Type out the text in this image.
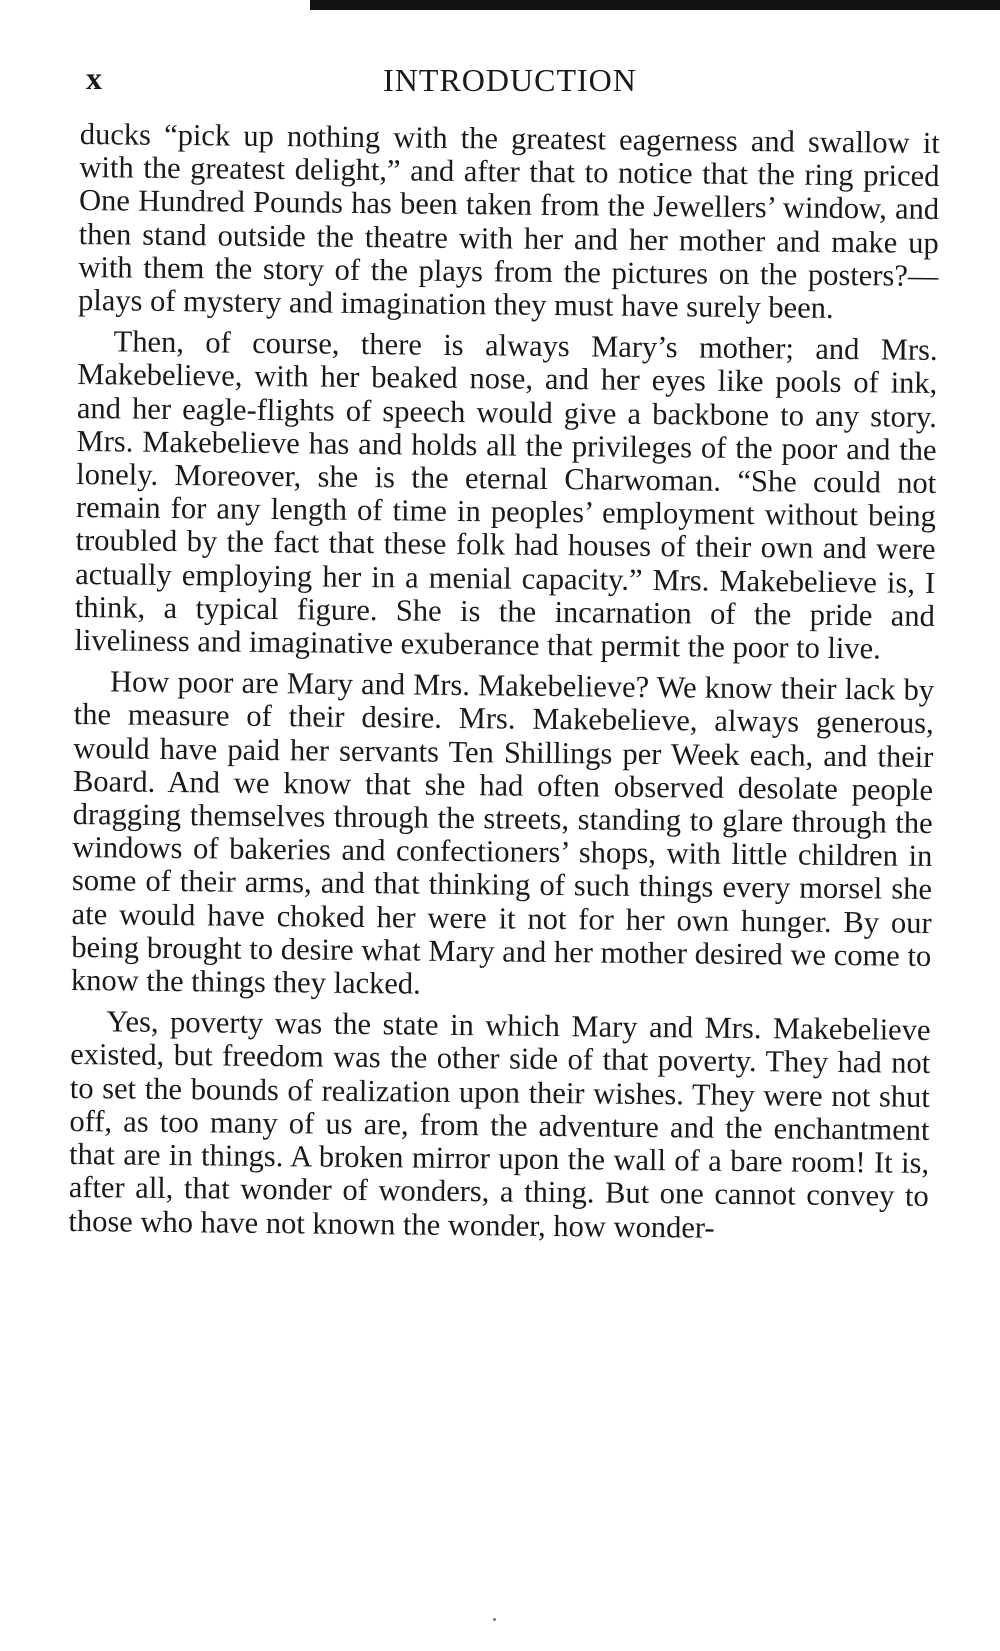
x	INTRODUCTION

ducks “pick up nothing with the greatest eagerness and swallow it with the greatest delight,” and after that to notice that the ring priced One Hundred Pounds has been taken from the Jewellers’ window, and then stand outside the theatre with her and her mother and make up with them the story of the plays from the pictures on the posters?—plays of mystery and imagination they must have surely been.

Then, of course, there is always Mary’s mother; and Mrs. Makebelieve, with her beaked nose, and her eyes like pools of ink, and her eagle-flights of speech would give a backbone to any story. Mrs. Makebelieve has and holds all the privileges of the poor and the lonely. Moreover, she is the eternal Charwoman. “She could not remain for any length of time in peoples’ employment without being troubled by the fact that these folk had houses of their own and were actually employing her in a menial capacity.” Mrs. Makebelieve is, I think, a typical figure. She is the incarnation of the pride and liveliness and imaginative exuberance that permit the poor to live.

How poor are Mary and Mrs. Makebelieve? We know their lack by the measure of their desire. Mrs. Makebelieve, always generous, would have paid her servants Ten Shillings per Week each, and their Board. And we know that she had often observed desolate people dragging themselves through the streets, standing to glare through the windows of bakeries and confectioners’ shops, with little children in some of their arms, and that thinking of such things every morsel she ate would have choked her were it not for her own hunger. By our being brought to desire what Mary and her mother desired we come to know the things they lacked.

Yes, poverty was the state in which Mary and Mrs. Makebelieve existed, but freedom was the other side of that poverty. They had not to set the bounds of realization upon their wishes. They were not shut off, as too many of us are, from the adventure and the enchantment that are in things. A broken mirror upon the wall of a bare room! It is, after all, that wonder of wonders, a thing. But one cannot convey to those who have not known the wonder, how wonder-
